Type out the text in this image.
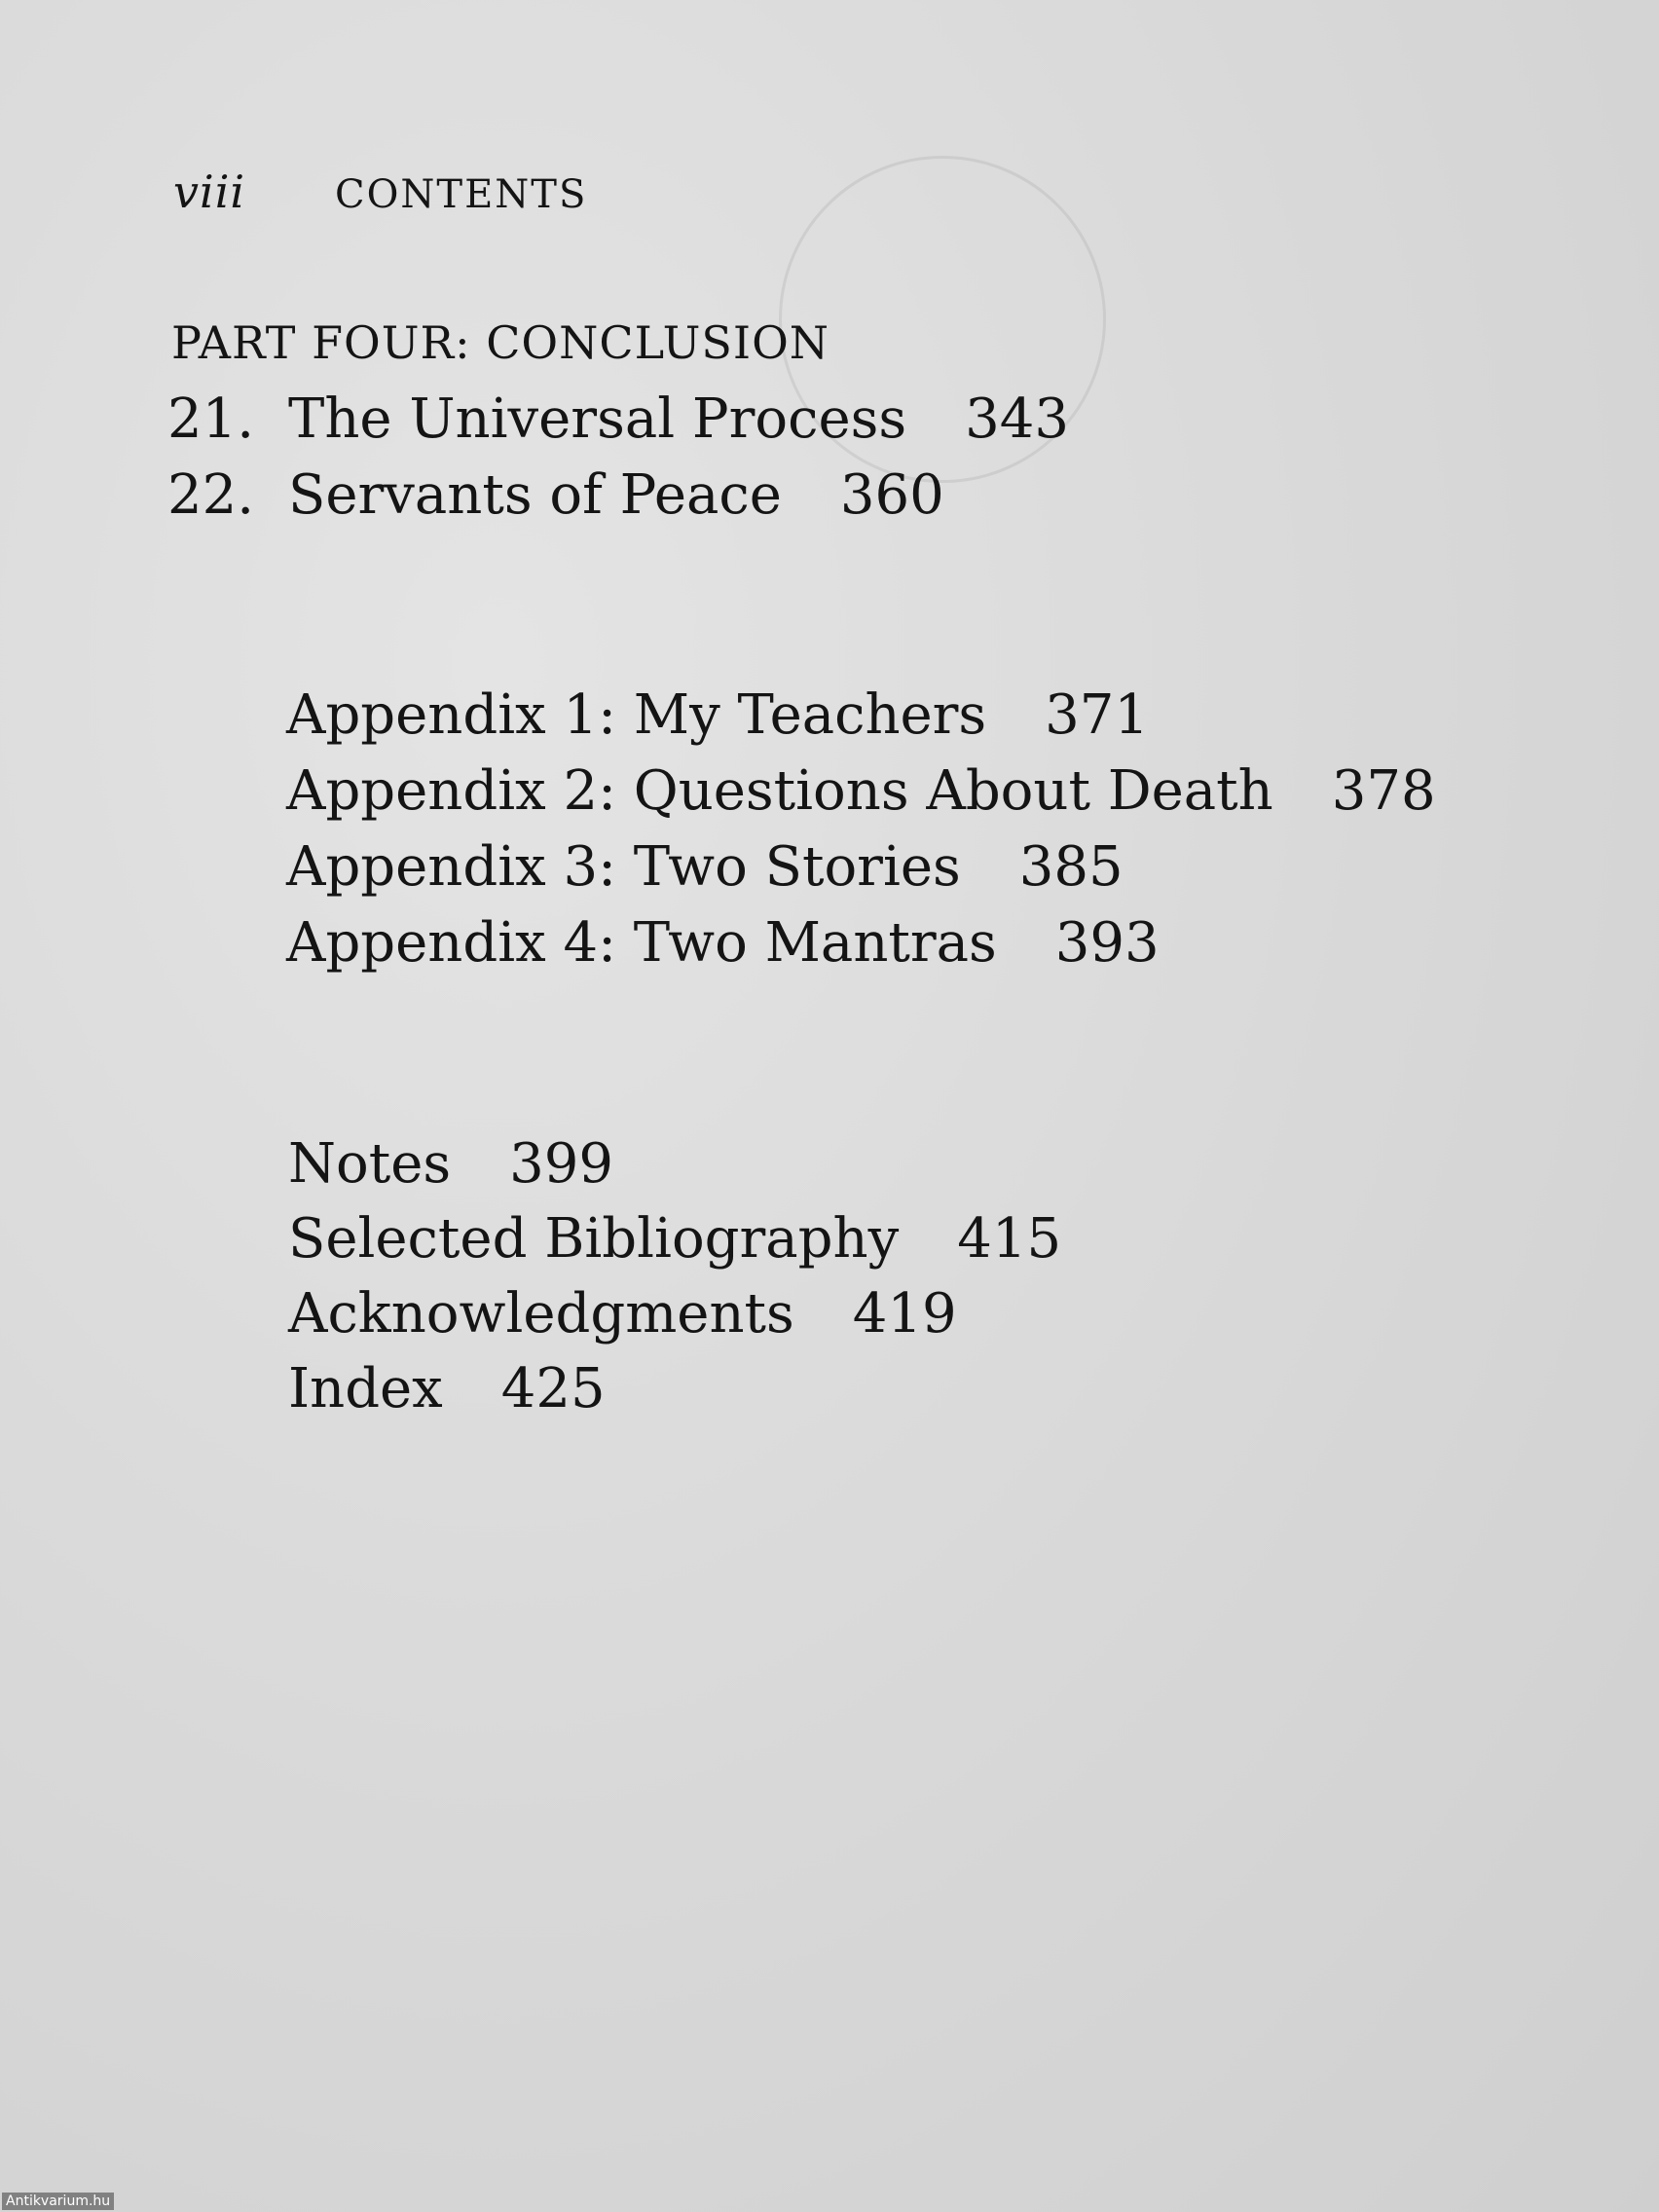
viii CONTENTS
PART FOUR: CONCLUSION
21. The Universal Process 343
22. Servants of Peace 360
Appendix 1: My Teachers 371
Appendix 2: Questions About Death 378
Appendix 3: Two Stories 385
Appendix 4: Two Mantras 393
Notes 399
Selected Bibliography 415
Acknowledgments 419
Index 425
Antikvarium.hu
